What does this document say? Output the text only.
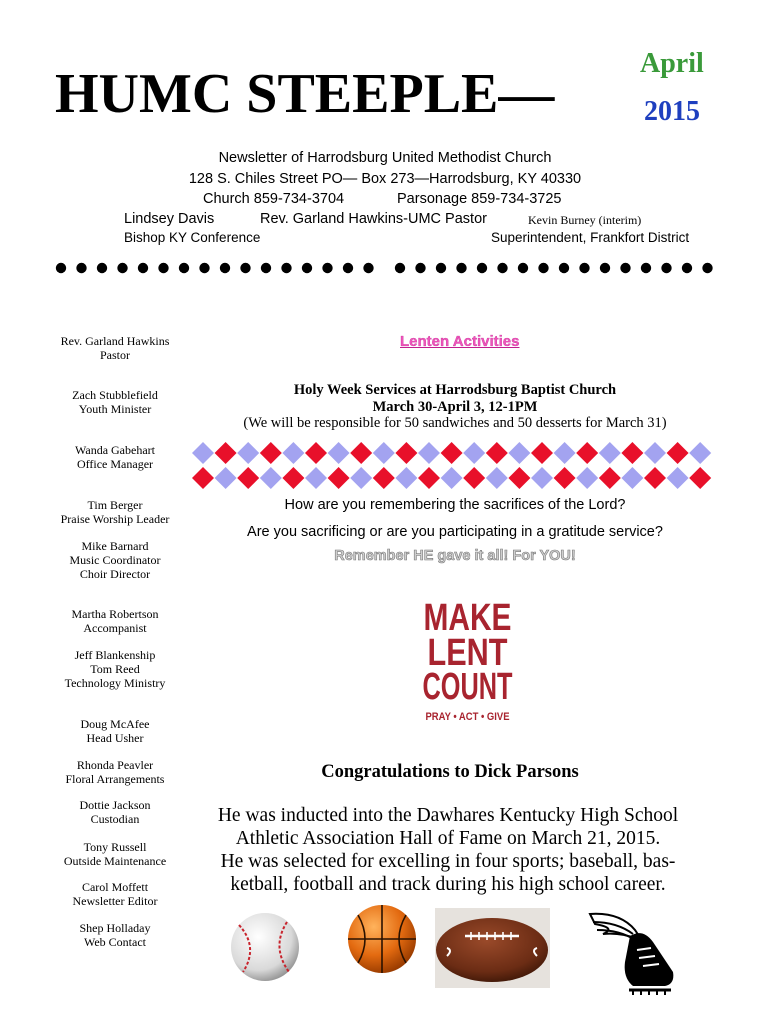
HUMC STEEPLE—	April
2015
Newsletter of Harrodsburg United Methodist Church
128 S. Chiles Street PO— Box 273—Harrodsburg, KY 40330
Church 859-734-3704	Parsonage 859-734-3725
Lindsey Davis	Rev. Garland Hawkins-UMC Pastor	Kevin Burney (interim)
Bishop KY Conference	Superintendent, Frankfort District
Rev. Garland Hawkins
Pastor
Zach Stubblefield
Youth Minister
Wanda Gabehart
Office Manager
Tim Berger
Praise Worship Leader
Mike Barnard
Music Coordinator
Choir Director
Martha Robertson
Accompanist
Jeff Blankenship
Tom Reed
Technology Ministry
Doug McAfee
Head Usher
Rhonda Peavler
Floral Arrangements
Dottie Jackson
Custodian
Tony Russell
Outside Maintenance
Carol Moffett
Newsletter Editor
Shep Holladay
Web Contact
Lenten Activities
Holy Week Services at Harrodsburg Baptist Church
March 30-April 3, 12-1PM
(We will be responsible for 50 sandwiches and 50 desserts for March 31)
How are you remembering the sacrifices of the Lord?
Are you sacrificing or are you participating in a gratitude service?
Remember HE gave it all! For YOU!
MAKE
LENT
COUNT
PRAY • ACT • GIVE
Congratulations to Dick Parsons
He was inducted into the Dawhares Kentucky High School
Athletic Association Hall of Fame on March 21, 2015.
He was selected for excelling in four sports; baseball, bas-
ketball, football and track during his high school career.
